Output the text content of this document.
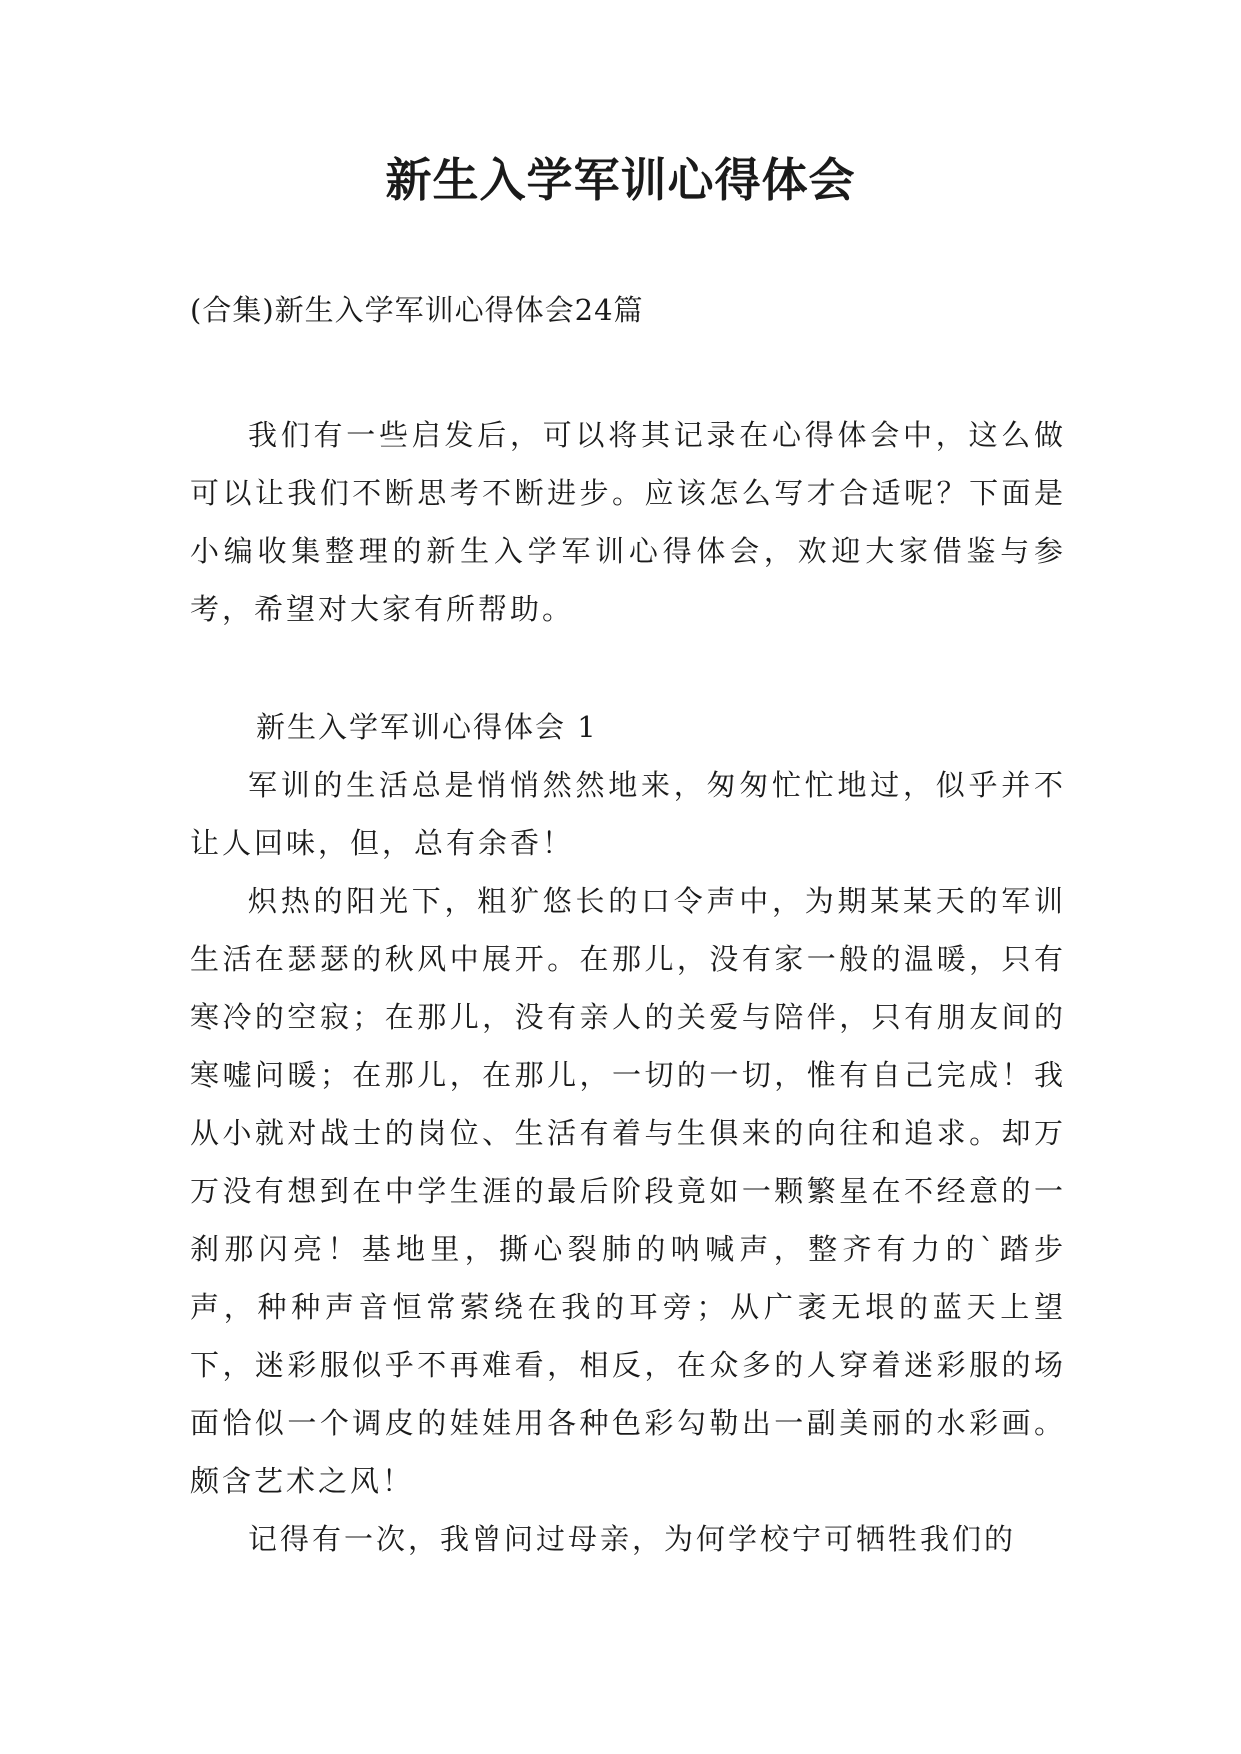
新生入学军训心得体会
(合集)新生入学军训心得体会24篇

我们有一些启发后，可以将其记录在心得体会中，这么做可以让我们不断思考不断进步。应该怎么写才合适呢？下面是小编收集整理的新生入学军训心得体会，欢迎大家借鉴与参考，希望对大家有所帮助。

新生入学军训心得体会 1

军训的生活总是悄悄然然地来，匆匆忙忙地过，似乎并不让人回味，但，总有余香！

炽热的阳光下，粗犷悠长的口令声中，为期某某天的军训生活在瑟瑟的秋风中展开。在那儿，没有家一般的温暖，只有寒冷的空寂；在那儿，没有亲人的关爱与陪伴，只有朋友间的寒嘘问暖；在那儿，在那儿，一切的一切，惟有自己完成！我从小就对战士的岗位、生活有着与生俱来的向往和追求。却万万没有想到在中学生涯的最后阶段竟如一颗繁星在不经意的一刹那闪亮！基地里，撕心裂肺的呐喊声，整齐有力的`踏步声，种种声音恒常萦绕在我的耳旁；从广袤无垠的蓝天上望下，迷彩服似乎不再难看，相反，在众多的人穿着迷彩服的场面恰似一个调皮的娃娃用各种色彩勾勒出一副美丽的水彩画。颇含艺术之风！

记得有一次，我曾问过母亲，为何学校宁可牺牲我们的
